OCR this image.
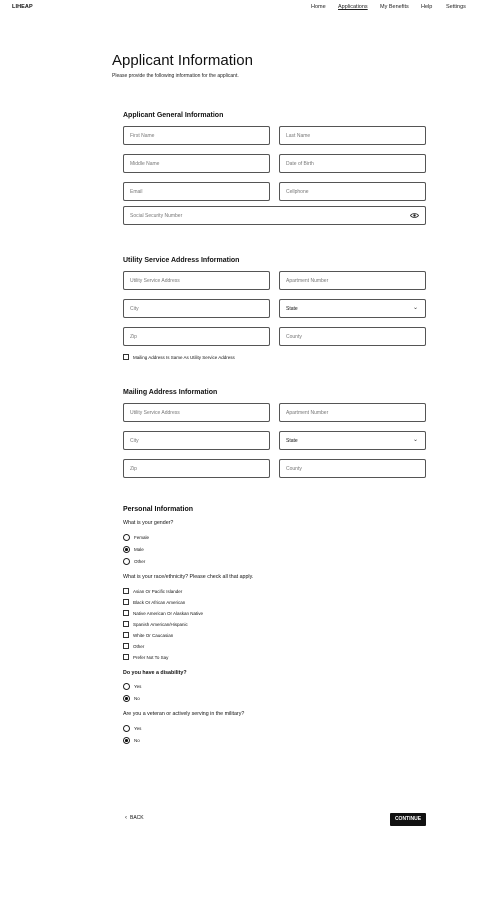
LIHEAP	Home Applications My Benefits Help Settings
Applicant Information

Please provide the following information for the applicant.

Applicant General Information
First Name	Last Name
Middle Name	Date of Birth
Email	Cellphone
Social Security Number
Utility Service Address Information
Utility Service Address	Apartment Number
City	State	⌄
Zip	County
Mailing Address Is Same As Utility Service Address
Mailing Address Information
Utility Service Address	Apartment Number
City	State	⌄
Zip	County
Personal Information
What is your gender?
Female
Male
Other
What is your race/ethnicity? Please check all that apply.
Asian Or Pacific Islander
Black Or African American
Native American Or Alaskan Native
Spanish American/Hispanic
White Or Caucasian
Other
Prefer Not To Say
Do you have a disability?
Yes
No
Are you a veteran or actively serving in the military?
Yes
No
‹ BACK	CONTINUE
